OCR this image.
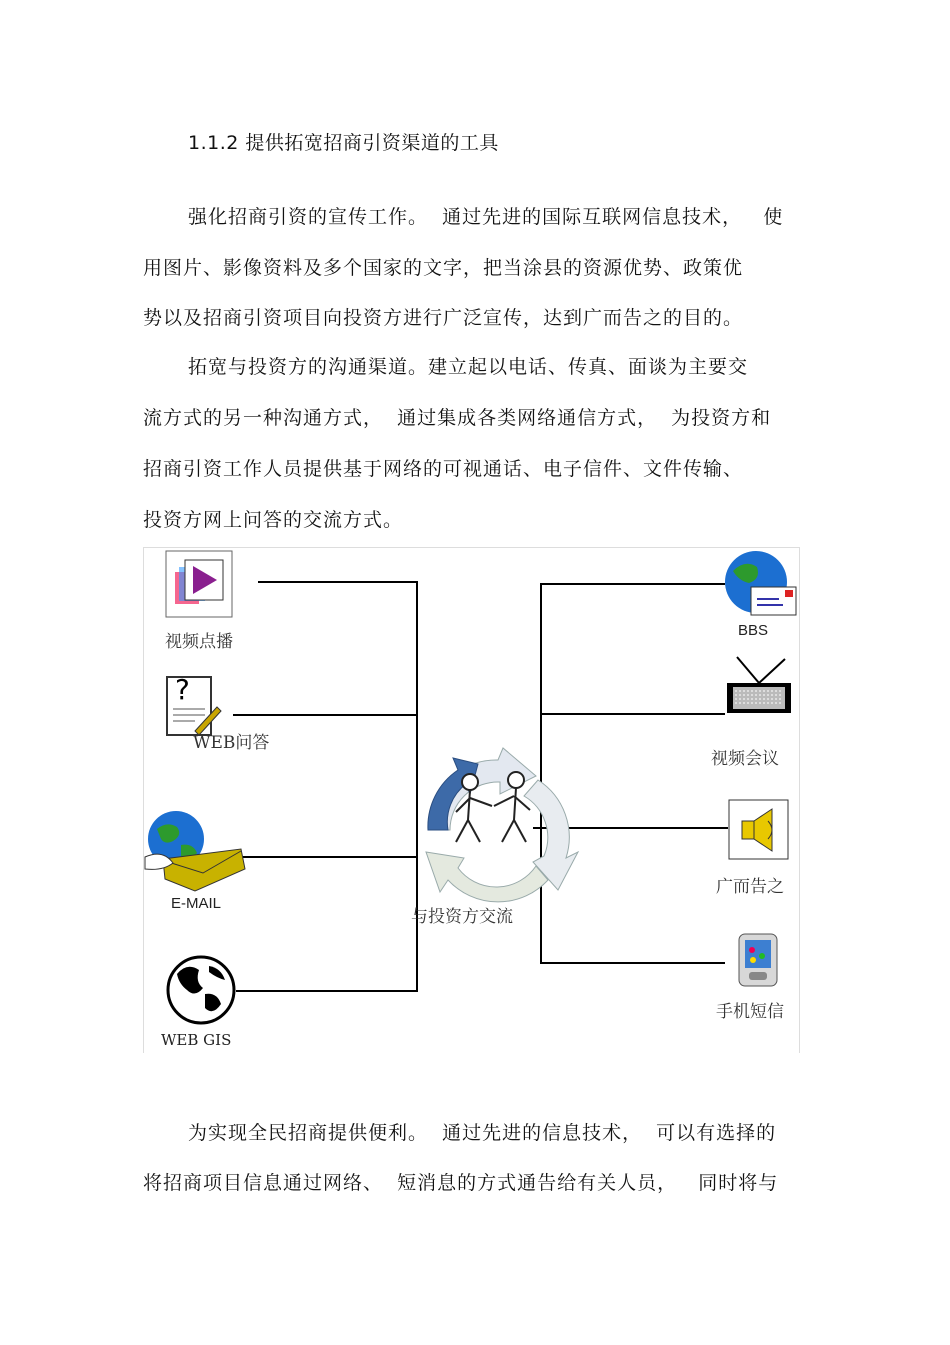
1.1.2 提供拓宽招商引资渠道的工具
强化招商引资的宣传工作。  通过先进的国际互联网信息技术，   使
用图片、影像资料及多个国家的文字，把当涂县的资源优势、政策优
势以及招商引资项目向投资方进行广泛宣传，达到广而告之的目的。
拓宽与投资方的沟通渠道。建立起以电话、传真、面谈为主要交
流方式的另一种沟通方式，  通过集成各类网络通信方式，  为投资方和
招商引资工作人员提供基于网络的可视通话、电子信件、文件传输、
投资方网上问答的交流方式。
与投资方交流
视频点播
?
WEB问答
E-MAIL
WEB GIS
BBS
视频会议
广而告之
手机短信
为实现全民招商提供便利。  通过先进的信息技术，  可以有选择的
将招商项目信息通过网络、  短消息的方式通告给有关人员，   同时将与
